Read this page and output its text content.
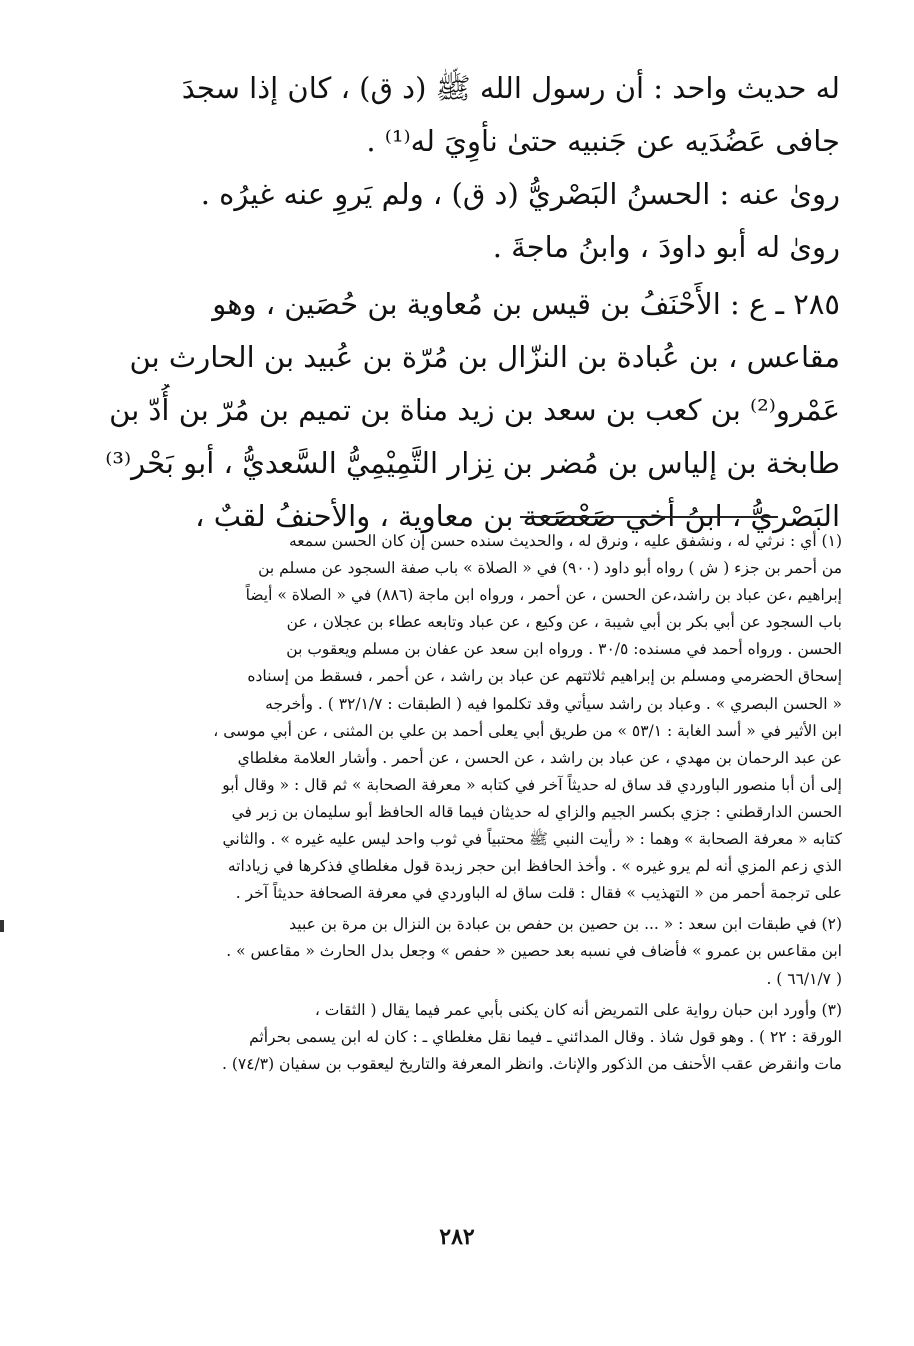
له حديث واحد : أن رسول الله ﷺ (د ق) ، كان إذا سجدَ
جافى عَضُدَيه عن جَنبيه حتىٰ نأوِيَ له⁽¹⁾ .
روىٰ عنه : الحسنُ البَصْريُّ (د ق) ، ولم يَروِ عنه غيرُه .
روىٰ له أبو داودَ ، وابنُ ماجةَ .
٢٨٥ ـ ع : الأَحْنَفُ بن قيس بن مُعاوية بن حُصَين ، وهو
مقاعس ، بن عُبادة بن النزّال بن مُرّة بن عُبيد بن الحارث بن
عَمْرو⁽²⁾ بن كعب بن سعد بن زيد مناة بن تميم بن مُرّ بن أُدّ بن
طابخة بن إلياس بن مُضر بن نِزار التَّمِيْمِيُّ السَّعديُّ ، أبو بَحْر⁽³⁾
البَصْريُّ ، ابنُ أخي صَعْصَعة بن معاوية ، والأحنفُ لقبٌ ،
(١) أي : نرثي له ، ونشفق عليه ، ونرق له ، والحديث سنده حسن إن كان الحسن سمعه
من أحمر بن جزء ( ش ) رواه أبو داود (٩٠٠) في « الصلاة » باب صفة السجود عن مسلم بن
إبراهيم ،عن عباد بن راشد،عن الحسن ، عن أحمر ، ورواه ابن ماجة (٨٨٦) في « الصلاة » أيضاً
باب السجود عن أبي بكر بن أبي شيبة ، عن وكيع ، عن عباد وتابعه عطاء بن عجلان ، عن
الحسن . ورواه أحمد في مسنده: ٣٠/٥ . ورواه ابن سعد عن عفان بن مسلم ويعقوب بن
إسحاق الحضرمي ومسلم بن إبراهيم ثلاثتهم عن عباد بن راشد ، عن أحمر ، فسقط من إسناده
« الحسن البصري » . وعباد بن راشد سيأتي وقد تكلموا فيه ( الطبقات : ٣٢/١/٧ ) . وأخرجه
ابن الأثير في « أسد الغابة : ٥٣/١ » من طريق أبي يعلى أحمد بن علي بن المثنى ، عن أبي موسى ،
عن عبد الرحمان بن مهدي ، عن عباد بن راشد ، عن الحسن ، عن أحمر . وأشار العلامة مغلطاي
إلى أن أبا منصور الباوردي قد ساق له حديثاً آخر في كتابه « معرفة الصحابة » ثم قال : « وقال أبو
الحسن الدارقطني : جزي بكسر الجيم والزاي له حديثان فيما قاله الحافظ أبو سليمان بن زبر في
كتابه « معرفة الصحابة » وهما : « رأيت النبي ﷺ محتبياً في ثوب واحد ليس عليه غيره » . والثاني
الذي زعم المزي أنه لم يرو غيره » . وأخذ الحافظ ابن حجر زبدة قول مغلطاي فذكرها في زياداته
على ترجمة أحمر من « التهذيب » فقال : قلت ساق له الباوردي في معرفة الصحافة حديثاً آخر .
(٢) في طبقات ابن سعد : « ... بن حصين بن حفص بن عبادة بن النزال بن مرة بن عبيد
ابن مقاعس بن عمرو » فأضاف في نسبه بعد حصين « حفص » وجعل بدل الحارث « مقاعس » .
( ٦٦/١/٧ ) .
(٣) وأورد ابن حبان رواية على التمريض أنه كان يكنى بأبي عمر فيما يقال ( الثقات ،
الورقة : ٢٢ ) . وهو قول شاذ . وقال المدائني ـ فيما نقل مغلطاي ـ : كان له ابن يسمى بحرأثم
مات وانقرض عقب الأحنف من الذكور والإناث. وانظر المعرفة والتاريخ ليعقوب بن سفيان (٧٤/٣) .
٢٨٢
